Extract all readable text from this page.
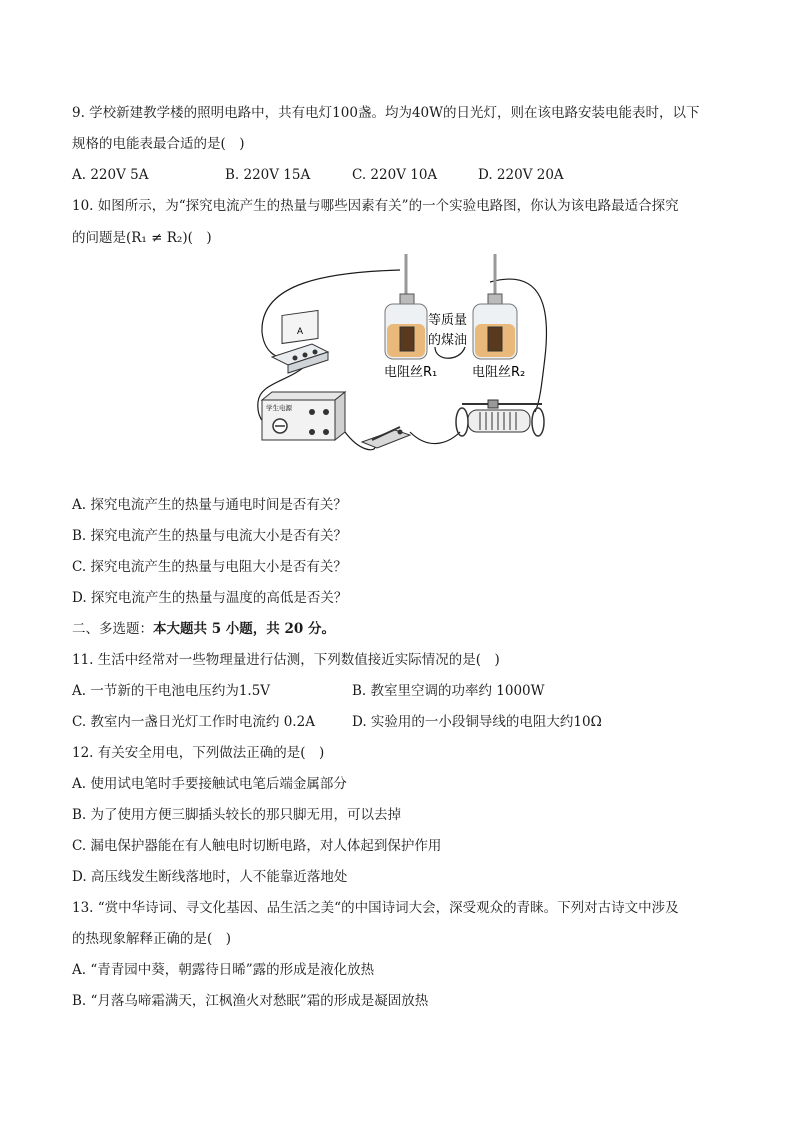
9. 学校新建教学楼的照明电路中，共有电灯100盏。均为40W的日光灯，则在该电路安装电能表时，以下
规格的电能表最合适的是(　)
A. 220V 5A	B. 220V 15A	C. 220V 10A	D. 220V 20A
10. 如图所示，为“探究电流产生的热量与哪些因素有关”的一个实验电路图，你认为该电路最适合探究
的问题是(R₁ ≠ R₂)(　)
A
等质量
的煤油
电阻丝R₁	电阻丝R₂
学生电源
A. 探究电流产生的热量与通电时间是否有关？
B. 探究电流产生的热量与电流大小是否有关？
C. 探究电流产生的热量与电阻大小是否有关？
D. 探究电流产生的热量与温度的高低是否关？
二、多选题：本大题共 5 小题，共 20 分。
11. 生活中经常对一些物理量进行估测，下列数值接近实际情况的是(　)
A. 一节新的干电池电压约为1.5V	B. 教室里空调的功率约 1000W
C. 教室内一盏日光灯工作时电流约 0.2A	D. 实验用的一小段铜导线的电阻大约10Ω
12. 有关安全用电，下列做法正确的是(　)
A. 使用试电笔时手要接触试电笔后端金属部分
B. 为了使用方便三脚插头较长的那只脚无用，可以去掉
C. 漏电保护器能在有人触电时切断电路，对人体起到保护作用
D. 高压线发生断线落地时，人不能靠近落地处
13. “赏中华诗词、寻文化基因、品生活之美“的中国诗词大会，深受观众的青睐。下列对古诗文中涉及
的热现象解释正确的是(　)
A. “青青园中葵，朝露待日晞”露的形成是液化放热
B. “月落乌啼霜满天，江枫渔火对愁眠”霜的形成是凝固放热
